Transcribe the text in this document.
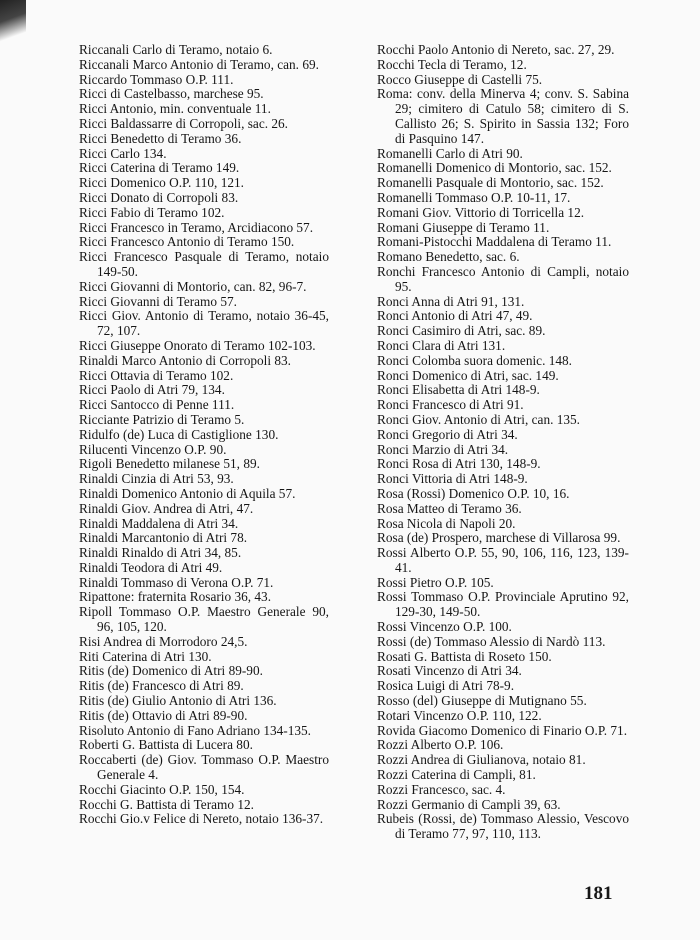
Riccanali Carlo di Teramo, notaio 6.

Riccanali Marco Antonio di Teramo, can. 69.

Riccardo Tommaso O.P. 111.

Ricci di Castelbasso, marchese 95.

Ricci Antonio, min. conventuale 11.

Ricci Baldassarre di Corropoli, sac. 26.

Ricci Benedetto di Teramo 36.

Ricci Carlo 134.

Ricci Caterina di Teramo 149.

Ricci Domenico O.P. 110, 121.

Ricci Donato di Corropoli 83.

Ricci Fabio di Teramo 102.

Ricci Francesco in Teramo, Arcidiacono 57.

Ricci Francesco Antonio di Teramo 150.

Ricci Francesco Pasquale di Teramo, notaio 149-50.

Ricci Giovanni di Montorio, can. 82, 96-7.

Ricci Giovanni di Teramo 57.

Ricci Giov. Antonio di Teramo, notaio 36-45, 72, 107.

Ricci Giuseppe Onorato di Teramo 102-103.

Rinaldi Marco Antonio di Corropoli 83.

Ricci Ottavia di Teramo 102.

Ricci Paolo di Atri 79, 134.

Ricci Santocco di Penne 111.

Ricciante Patrizio di Teramo 5.

Ridulfo (de) Luca di Castiglione 130.

Rilucenti Vincenzo O.P. 90.

Rigoli Benedetto milanese 51, 89.

Rinaldi Cinzia di Atri 53, 93.

Rinaldi Domenico Antonio di Aquila 57.

Rinaldi Giov. Andrea di Atri, 47.

Rinaldi Maddalena di Atri 34.

Rinaldi Marcantonio di Atri 78.

Rinaldi Rinaldo di Atri 34, 85.

Rinaldi Teodora di Atri 49.

Rinaldi Tommaso di Verona O.P. 71.

Ripattone: fraternita Rosario 36, 43.

Ripoll Tommaso O.P. Maestro Generale 90, 96, 105, 120.

Risi Andrea di Morrodoro 24,5.

Riti Caterina di Atri 130.

Ritis (de) Domenico di Atri 89-90.

Ritis (de) Francesco di Atri 89.

Ritis (de) Giulio Antonio di Atri 136.

Ritis (de) Ottavio di Atri 89-90.

Risoluto Antonio di Fano Adriano 134-135.

Roberti G. Battista di Lucera 80.

Roccaberti (de) Giov. Tommaso O.P. Maestro Generale 4.

Rocchi Giacinto O.P. 150, 154.

Rocchi G. Battista di Teramo 12.

Rocchi Gio.v Felice di Nereto, notaio 136-37.

Rocchi Paolo Antonio di Nereto, sac. 27, 29.

Rocchi Tecla di Teramo, 12.

Rocco Giuseppe di Castelli 75.

Roma: conv. della Minerva 4; conv. S. Sabina 29; cimitero di Catulo 58; cimitero di S. Callisto 26; S. Spirito in Sassia 132; Foro di Pasquino 147.

Romanelli Carlo di Atri 90.

Romanelli Domenico di Montorio, sac. 152.

Romanelli Pasquale di Montorio, sac. 152.

Romanelli Tommaso O.P. 10-11, 17.

Romani Giov. Vittorio di Torricella 12.

Romani Giuseppe di Teramo 11.

Romani-Pistocchi Maddalena di Teramo 11.

Romano Benedetto, sac. 6.

Ronchi Francesco Antonio di Campli, notaio 95.

Ronci Anna di Atri 91, 131.

Ronci Antonio di Atri 47, 49.

Ronci Casimiro di Atri, sac. 89.

Ronci Clara di Atri 131.

Ronci Colomba suora domenic. 148.

Ronci Domenico di Atri, sac. 149.

Ronci Elisabetta di Atri 148-9.

Ronci Francesco di Atri 91.

Ronci Giov. Antonio di Atri, can. 135.

Ronci Gregorio di Atri 34.

Ronci Marzio di Atri 34.

Ronci Rosa di Atri 130, 148-9.

Ronci Vittoria di Atri 148-9.

Rosa (Rossi) Domenico O.P. 10, 16.

Rosa Matteo di Teramo 36.

Rosa Nicola di Napoli 20.

Rosa (de) Prospero, marchese di Villarosa 99.

Rossi Alberto O.P. 55, 90, 106, 116, 123, 139-41.

Rossi Pietro O.P. 105.

Rossi Tommaso O.P. Provinciale Aprutino 92, 129-30, 149-50.

Rossi Vincenzo O.P. 100.

Rossi (de) Tommaso Alessio di Nardò 113.

Rosati G. Battista di Roseto 150.

Rosati Vincenzo di Atri 34.

Rosica Luigi di Atri 78-9.

Rosso (del) Giuseppe di Mutignano 55.

Rotari Vincenzo O.P. 110, 122.

Rovida Giacomo Domenico di Finario O.P. 71.

Rozzi Alberto O.P. 106.

Rozzi Andrea di Giulianova, notaio 81.

Rozzi Caterina di Campli, 81.

Rozzi Francesco, sac. 4.

Rozzi Germanio di Campli 39, 63.

Rubeis (Rossi, de) Tommaso Alessio, Vescovo di Teramo 77, 97, 110, 113.

181
